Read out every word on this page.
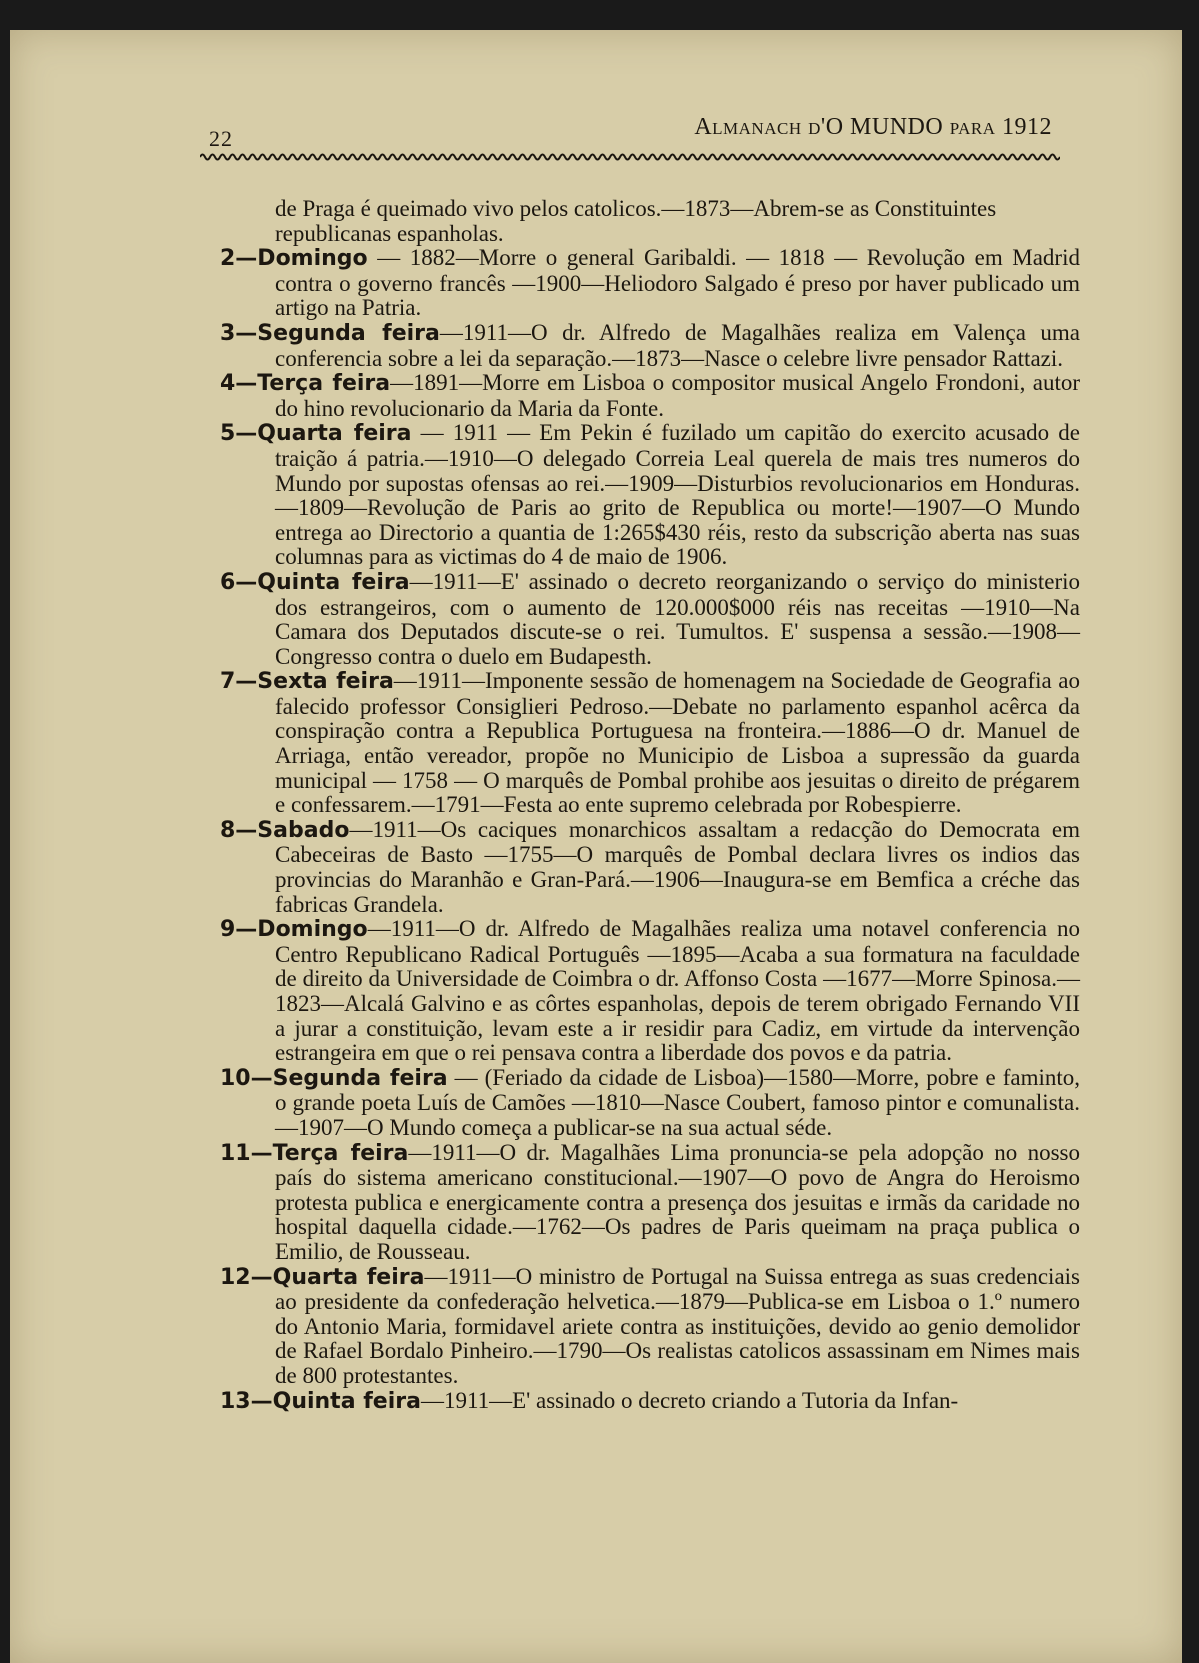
22	Almanach d'O MUNDO para 1912

de Praga é queimado vivo pelos catolicos.—1873—Abrem-se as Constituintes republicanas espanholas.

2—Domingo — 1882—Morre o general Garibaldi. — 1818 — Revolução em Madrid contra o governo francês —1900—Heliodoro Salgado é preso por haver publicado um artigo na Patria.

3—Segunda feira—1911—O dr. Alfredo de Magalhães realiza em Valença uma conferencia sobre a lei da separação.—1873—Nasce o celebre livre pensador Rattazi.

4—Terça feira—1891—Morre em Lisboa o compositor musical Angelo Frondoni, autor do hino revolucionario da Maria da Fonte.

5—Quarta feira — 1911 — Em Pekin é fuzilado um capitão do exercito acusado de traição á patria.—1910—O delegado Correia Leal querela de mais tres numeros do Mundo por supostas ofensas ao rei.—1909—Disturbios revolucionarios em Honduras.—1809—Revolução de Paris ao grito de Republica ou morte!—1907—O Mundo entrega ao Directorio a quantia de 1:265$430 réis, resto da subscrição aberta nas suas columnas para as victimas do 4 de maio de 1906.

6—Quinta feira—1911—E' assinado o decreto reorganizando o serviço do ministerio dos estrangeiros, com o aumento de 120.000$000 réis nas receitas —1910—Na Camara dos Deputados discute-se o rei. Tumultos. E' suspensa a sessão.—1908—Congresso contra o duelo em Budapesth.

7—Sexta feira—1911—Imponente sessão de homenagem na Sociedade de Geografia ao falecido professor Consiglieri Pedroso.—Debate no parlamento espanhol acêrca da conspiração contra a Republica Portuguesa na fronteira.—1886—O dr. Manuel de Arriaga, então vereador, propõe no Municipio de Lisboa a supressão da guarda municipal — 1758 — O marquês de Pombal prohibe aos jesuitas o direito de prégarem e confessarem.—1791—Festa ao ente supremo celebrada por Robespierre.

8—Sabado—1911—Os caciques monarchicos assaltam a redacção do Democrata em Cabeceiras de Basto —1755—O marquês de Pombal declara livres os indios das provincias do Maranhão e Gran-Pará.—1906—Inaugura-se em Bemfica a créche das fabricas Grandela.

9—Domingo—1911—O dr. Alfredo de Magalhães realiza uma notavel conferencia no Centro Republicano Radical Português —1895—Acaba a sua formatura na faculdade de direito da Universidade de Coimbra o dr. Affonso Costa —1677—Morre Spinosa.—1823—Alcalá Galvino e as côrtes espanholas, depois de terem obrigado Fernando VII a jurar a constituição, levam este a ir residir para Cadiz, em virtude da intervenção estrangeira em que o rei pensava contra a liberdade dos povos e da patria.

10—Segunda feira — (Feriado da cidade de Lisboa)—1580—Morre, pobre e faminto, o grande poeta Luís de Camões —1810—Nasce Coubert, famoso pintor e comunalista.—1907—O Mundo começa a publicar-se na sua actual séde.

11—Terça feira—1911—O dr. Magalhães Lima pronuncia-se pela adopção no nosso país do sistema americano constitucional.—1907—O povo de Angra do Heroismo protesta publica e energicamente contra a presença dos jesuitas e irmãs da caridade no hospital daquella cidade.—1762—Os padres de Paris queimam na praça publica o Emilio, de Rousseau.

12—Quarta feira—1911—O ministro de Portugal na Suissa entrega as suas credenciais ao presidente da confederação helvetica.—1879—Publica-se em Lisboa o 1.º numero do Antonio Maria, formidavel ariete contra as instituições, devido ao genio demolidor de Rafael Bordalo Pinheiro.—1790—Os realistas catolicos assassinam em Nimes mais de 800 protestantes.

13—Quinta feira—1911—E' assinado o decreto criando a Tutoria da Infan-
